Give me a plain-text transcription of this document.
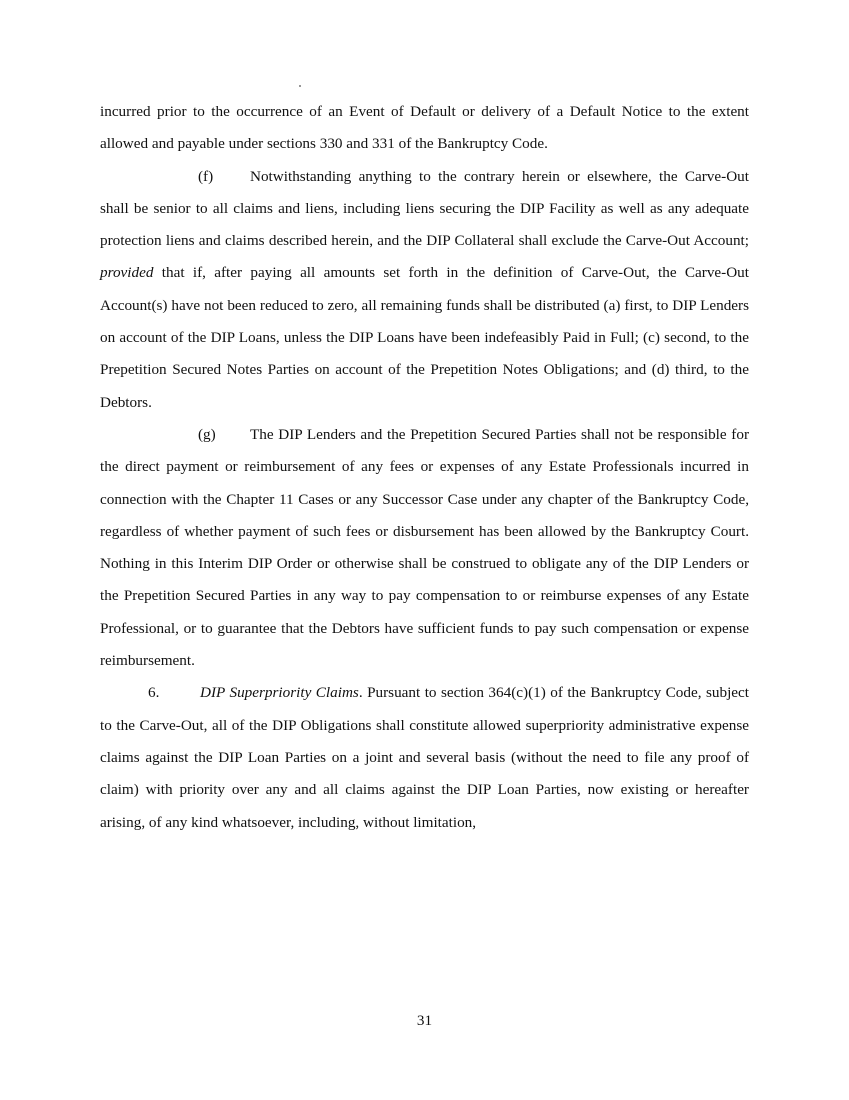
incurred prior to the occurrence of an Event of Default or delivery of a Default Notice to the extent allowed and payable under sections 330 and 331 of the Bankruptcy Code.

(f) Notwithstanding anything to the contrary herein or elsewhere, the Carve-Out shall be senior to all claims and liens, including liens securing the DIP Facility as well as any adequate protection liens and claims described herein, and the DIP Collateral shall exclude the Carve-Out Account; provided that if, after paying all amounts set forth in the definition of Carve-Out, the Carve-Out Account(s) have not been reduced to zero, all remaining funds shall be distributed (a) first, to DIP Lenders on account of the DIP Loans, unless the DIP Loans have been indefeasibly Paid in Full; (c) second, to the Prepetition Secured Notes Parties on account of the Prepetition Notes Obligations; and (d) third, to the Debtors.

(g) The DIP Lenders and the Prepetition Secured Parties shall not be responsible for the direct payment or reimbursement of any fees or expenses of any Estate Professionals incurred in connection with the Chapter 11 Cases or any Successor Case under any chapter of the Bankruptcy Code, regardless of whether payment of such fees or disbursement has been allowed by the Bankruptcy Court. Nothing in this Interim DIP Order or otherwise shall be construed to obligate any of the DIP Lenders or the Prepetition Secured Parties in any way to pay compensation to or reimburse expenses of any Estate Professional, or to guarantee that the Debtors have sufficient funds to pay such compensation or expense reimbursement.

6.	DIP Superpriority Claims. Pursuant to section 364(c)(1) of the Bankruptcy Code, subject to the Carve-Out, all of the DIP Obligations shall constitute allowed superpriority administrative expense claims against the DIP Loan Parties on a joint and several basis (without the need to file any proof of claim) with priority over any and all claims against the DIP Loan Parties, now existing or hereafter arising, of any kind whatsoever, including, without limitation,

31
